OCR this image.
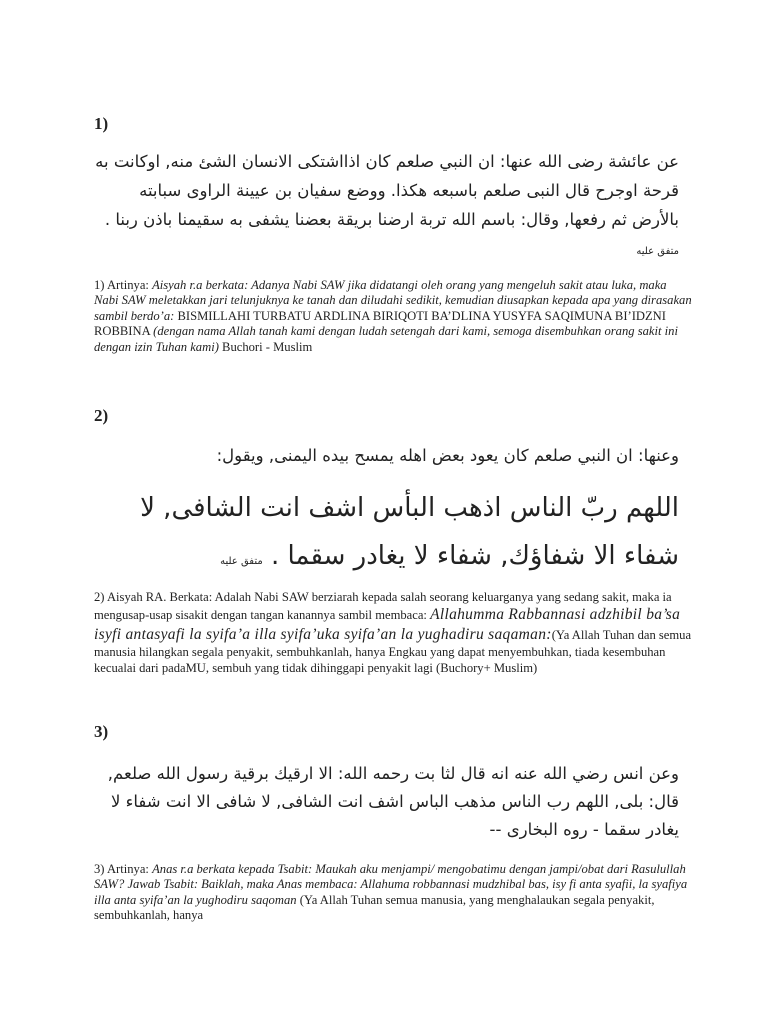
1)

عن عائشة رضى الله عنها: ان النبي صلعم كان اذااشتكى الانسان الشئ منه, اوكانت به قرحة اوجرح قال النبى صلعم باسبعه هكذا. ووضع سفيان بن عيينة الراوى سبابته بالأرض ثم رفعها, وقال: باسم الله تربة ارضنا بريقة بعضنا يشفى به سقيمنا باذن ربنا . متفق عليه

1) Artinya: Aisyah r.a berkata: Adanya Nabi SAW jika didatangi oleh orang yang mengeluh sakit atau luka, maka Nabi SAW meletakkan jari telunjuknya ke tanah dan diludahi sedikit, kemudian diusapkan kepada apa yang dirasakan sambil berdo’a: BISMILLAHI TURBATU ARDLINA BIRIQOTI BA’DLINA YUSYFA SAQIMUNA BI’IDZNI ROBBINA (dengan nama Allah tanah kami dengan ludah setengah dari kami, semoga disembuhkan orang sakit ini dengan izin Tuhan kami) Buchori - Muslim

2)

وعنها: ان النبي صلعم كان يعود بعض اهله يمسح بيده اليمنى, ويقول:

اللهم ربّ الناس اذهب البأس اشف انت الشافى, لا شفاء الا شفاؤك, شفاء لا يغادر سقما . متفق عليه

2) Aisyah RA. Berkata: Adalah Nabi SAW berziarah kepada salah seorang keluarganya yang sedang sakit, maka ia mengusap-usap sisakit dengan tangan kanannya sambil membaca: Allahumma Rabbannasi adzhibil ba’sa isyfi antasyafi la syifa’a illa syifa’uka syifa’an la yughadiru saqaman:(Ya Allah Tuhan dan semua manusia hilangkan segala penyakit, sembuhkanlah, hanya Engkau yang dapat menyembuhkan, tiada kesembuhan kecualai dari padaMU, sembuh yang tidak dihinggapi penyakit lagi (Buchory+ Muslim)

3)

وعن انس رضي الله عنه انه قال لثا بت رحمه الله: الا ارقيك برقية رسول الله صلعم, قال: بلى, اللهم رب الناس مذهب الباس اشف انت الشافى, لا شافى الا انت شفاء لا يغادر سقما - روه البخارى --

3) Artinya: Anas r.a berkata kepada Tsabit: Maukah aku menjampi/ mengobatimu dengan jampi/obat dari Rasulullah SAW? Jawab Tsabit: Baiklah, maka Anas membaca: Allahuma robbannasi mudzhibal bas, isy fi anta syafii, la syafiya illa anta syifa’an la yughodiru saqoman (Ya Allah Tuhan semua manusia, yang menghalaukan segala penyakit, sembuhkanlah, hanya
